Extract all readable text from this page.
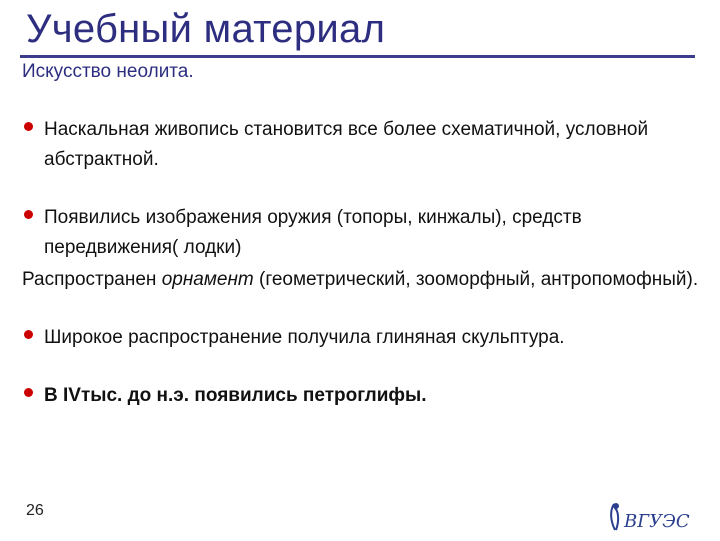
Учебный материал
Искусство неолита.
Наскальная живопись становится все более схематичной, условной абстрактной.
Появились изображения оружия (топоры, кинжалы), средств передвижения( лодки)
Распространен орнамент (геометрический, зооморфный, антропомофный).
Широкое распространение получила глиняная скульптура.
В IVтыс. до н.э. появились петроглифы.
26
ВГУЭС
